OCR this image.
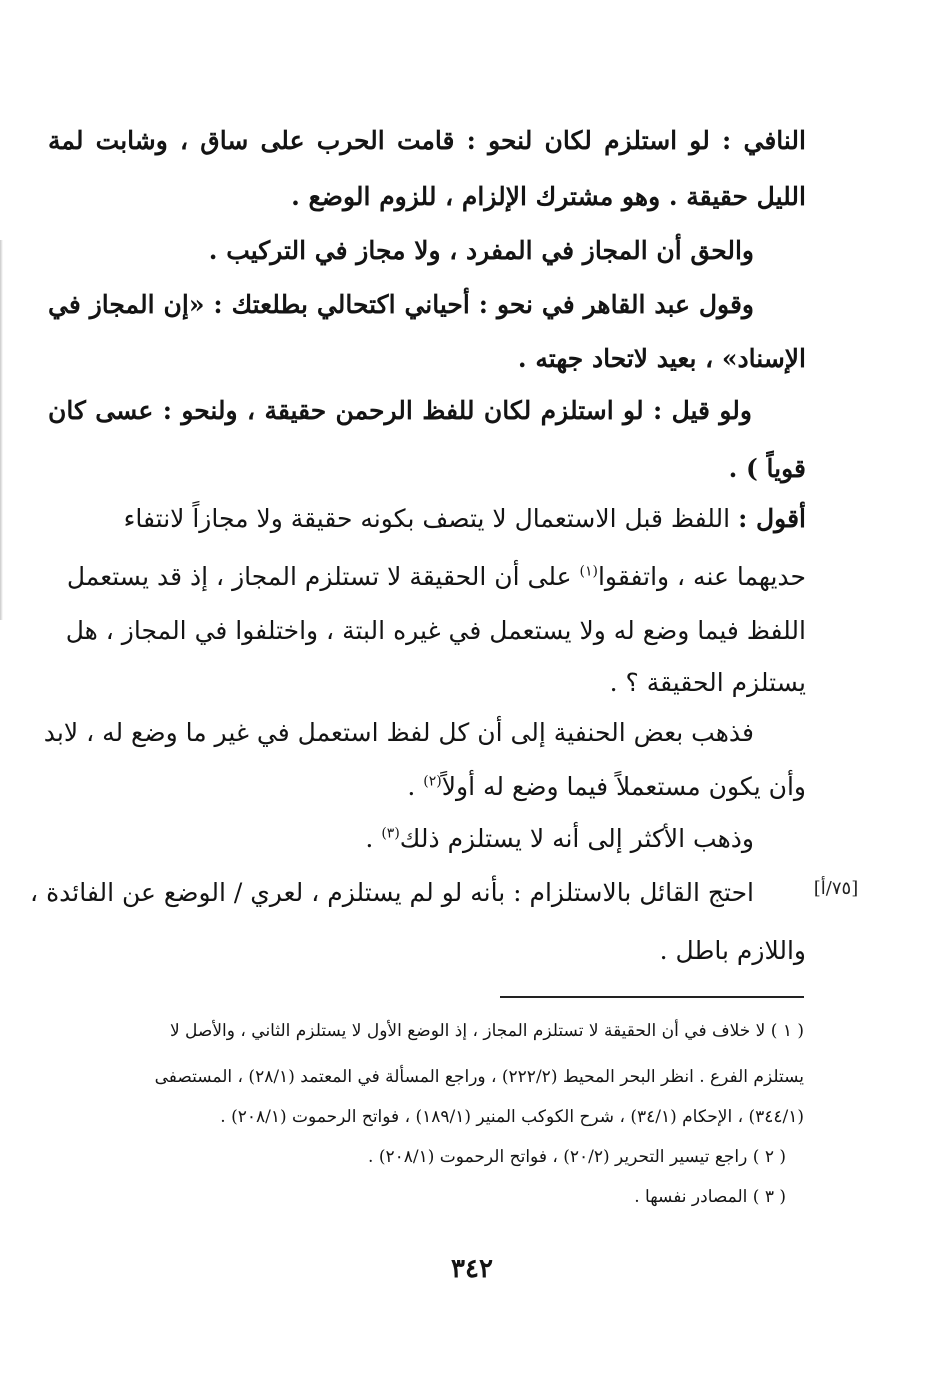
النافي : لو استلزم لكان لنحو : قامت الحرب على ساق ، وشابت لمة
الليل حقيقة . وهو مشترك الإلزام ، للزوم الوضع .
والحق أن المجاز في المفرد ، ولا مجاز في التركيب .
وقول عبد القاهر في نحو : أحياني اكتحالي بطلعتك : «إن المجاز في
الإسناد» ، بعيد لاتحاد جهته .
ولو قيل : لو استلزم لكان للفظ الرحمن حقيقة ، ولنحو : عسى كان
قوياً ) .
أقول : اللفظ قبل الاستعمال لا يتصف بكونه حقيقة ولا مجازاً لانتفاء
حديهما عنه ، واتفقوا$^{(١)}$ على أن الحقيقة لا تستلزم المجاز ، إذ قد يستعمل
اللفظ فيما وضع له ولا يستعمل في غيره البتة ، واختلفوا في المجاز ، هل
يستلزم الحقيقة ؟ .
فذهب بعض الحنفية إلى أن كل لفظ استعمل في غير ما وضع له ، لابد
وأن يكون مستعملاً فيما وضع له أولاً$^{(٢)}$ .
وذهب الأكثر إلى أنه لا يستلزم ذلك$^{(٣)}$ .
احتج القائل بالاستلزام : بأنه لو لم يستلزم ، لعري / الوضع عن الفائدة ،
واللازم باطل .
[٧٥/أ]
( ١ ) لا خلاف في أن الحقيقة لا تستلزم المجاز ، إذ الوضع الأول لا يستلزم الثاني ، والأصل لا
يستلزم الفرع . انظر البحر المحيط (٢٢٢/٢) ، وراجع المسألة في المعتمد (٢٨/١) ، المستصفى
(٣٤٤/١) ، الإحكام (٣٤/١) ، شرح الكوكب المنير (١٨٩/١) ، فواتح الرحموت (٢٠٨/١) .
( ٢ ) راجع تيسير التحرير (٢٠/٢) ، فواتح الرحموت (٢٠٨/١) .
( ٣ ) المصادر نفسها .
٣٤٢
